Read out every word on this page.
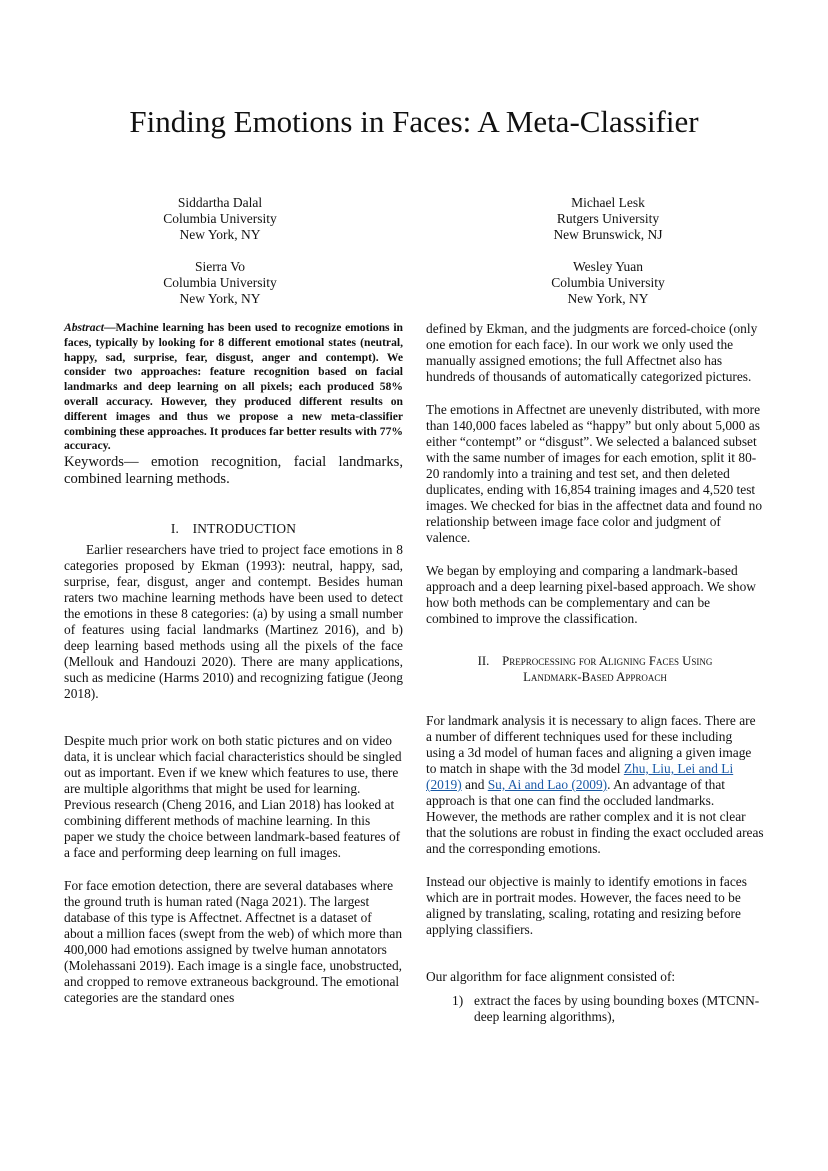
Finding Emotions in Faces: A Meta-Classifier
Siddartha Dalal
Columbia University
New York, NY
Michael Lesk
Rutgers University
New Brunswick, NJ
Sierra Vo
Columbia University
New York, NY
Wesley Yuan
Columbia University
New York, NY

Abstract—Machine learning has been used to recognize emotions in faces, typically by looking for 8 different emotional states (neutral, happy, sad, surprise, fear, disgust, anger and contempt). We consider two approaches: feature recognition based on facial landmarks and deep learning on all pixels; each produced 58% overall accuracy. However, they produced different results on different images and thus we propose a new meta-classifier combining these approaches. It produces far better results with 77% accuracy.

Keywords— emotion recognition, facial landmarks, combined learning methods.

I. INTRODUCTION

Earlier researchers have tried to project face emotions in 8 categories proposed by Ekman (1993): neutral, happy, sad, surprise, fear, disgust, anger and contempt. Besides human raters two machine learning methods have been used to detect the emotions in these 8 categories: (a) by using a small number of features using facial landmarks (Martinez 2016), and b) deep learning based methods using all the pixels of the face (Mellouk and Handouzi 2020). There are many applications, such as medicine (Harms 2010) and recognizing fatigue (Jeong 2018).

Despite much prior work on both static pictures and on video data, it is unclear which facial characteristics should be singled out as important. Even if we knew which features to use, there are multiple algorithms that might be used for learning. Previous research (Cheng 2016, and Lian 2018) has looked at combining different methods of machine learning. In this paper we study the choice between landmark-based features of a face and performing deep learning on full images.

For face emotion detection, there are several databases where the ground truth is human rated (Naga 2021). The largest database of this type is Affectnet. Affectnet is a dataset of about a million faces (swept from the web) of which more than 400,000 had emotions assigned by twelve human annotators (Molehassani 2019). Each image is a single face, unobstructed, and cropped to remove extraneous background. The emotional categories are the standard ones

defined by Ekman, and the judgments are forced-choice (only one emotion for each face). In our work we only used the manually assigned emotions; the full Affectnet also has hundreds of thousands of automatically categorized pictures.

The emotions in Affectnet are unevenly distributed, with more than 140,000 faces labeled as “happy” but only about 5,000 as either “contempt” or “disgust”. We selected a balanced subset with the same number of images for each emotion, split it 80-20 randomly into a training and test set, and then deleted duplicates, ending with 16,854 training images and 4,520 test images. We checked for bias in the affectnet data and found no relationship between image face color and judgment of valence.

We began by employing and comparing a landmark-based approach and a deep learning pixel-based approach. We show how both methods can be complementary and can be combined to improve the classification.

II. Preprocessing for Aligning Faces Using
Landmark-Based Approach

For landmark analysis it is necessary to align faces. There are a number of different techniques used for these including using a 3d model of human faces and aligning a given image to match in shape with the 3d model Zhu, Liu, Lei and Li (2019) and Su, Ai and Lao (2009). An advantage of that approach is that one can find the occluded landmarks. However, the methods are rather complex and it is not clear that the solutions are robust in finding the exact occluded areas and the corresponding emotions.

Instead our objective is mainly to identify emotions in faces which are in portrait modes. However, the faces need to be aligned by translating, scaling, rotating and resizing before applying classifiers.

Our algorithm for face alignment consisted of:

1) extract the faces by using bounding boxes (MTCNN-deep learning algorithms),
